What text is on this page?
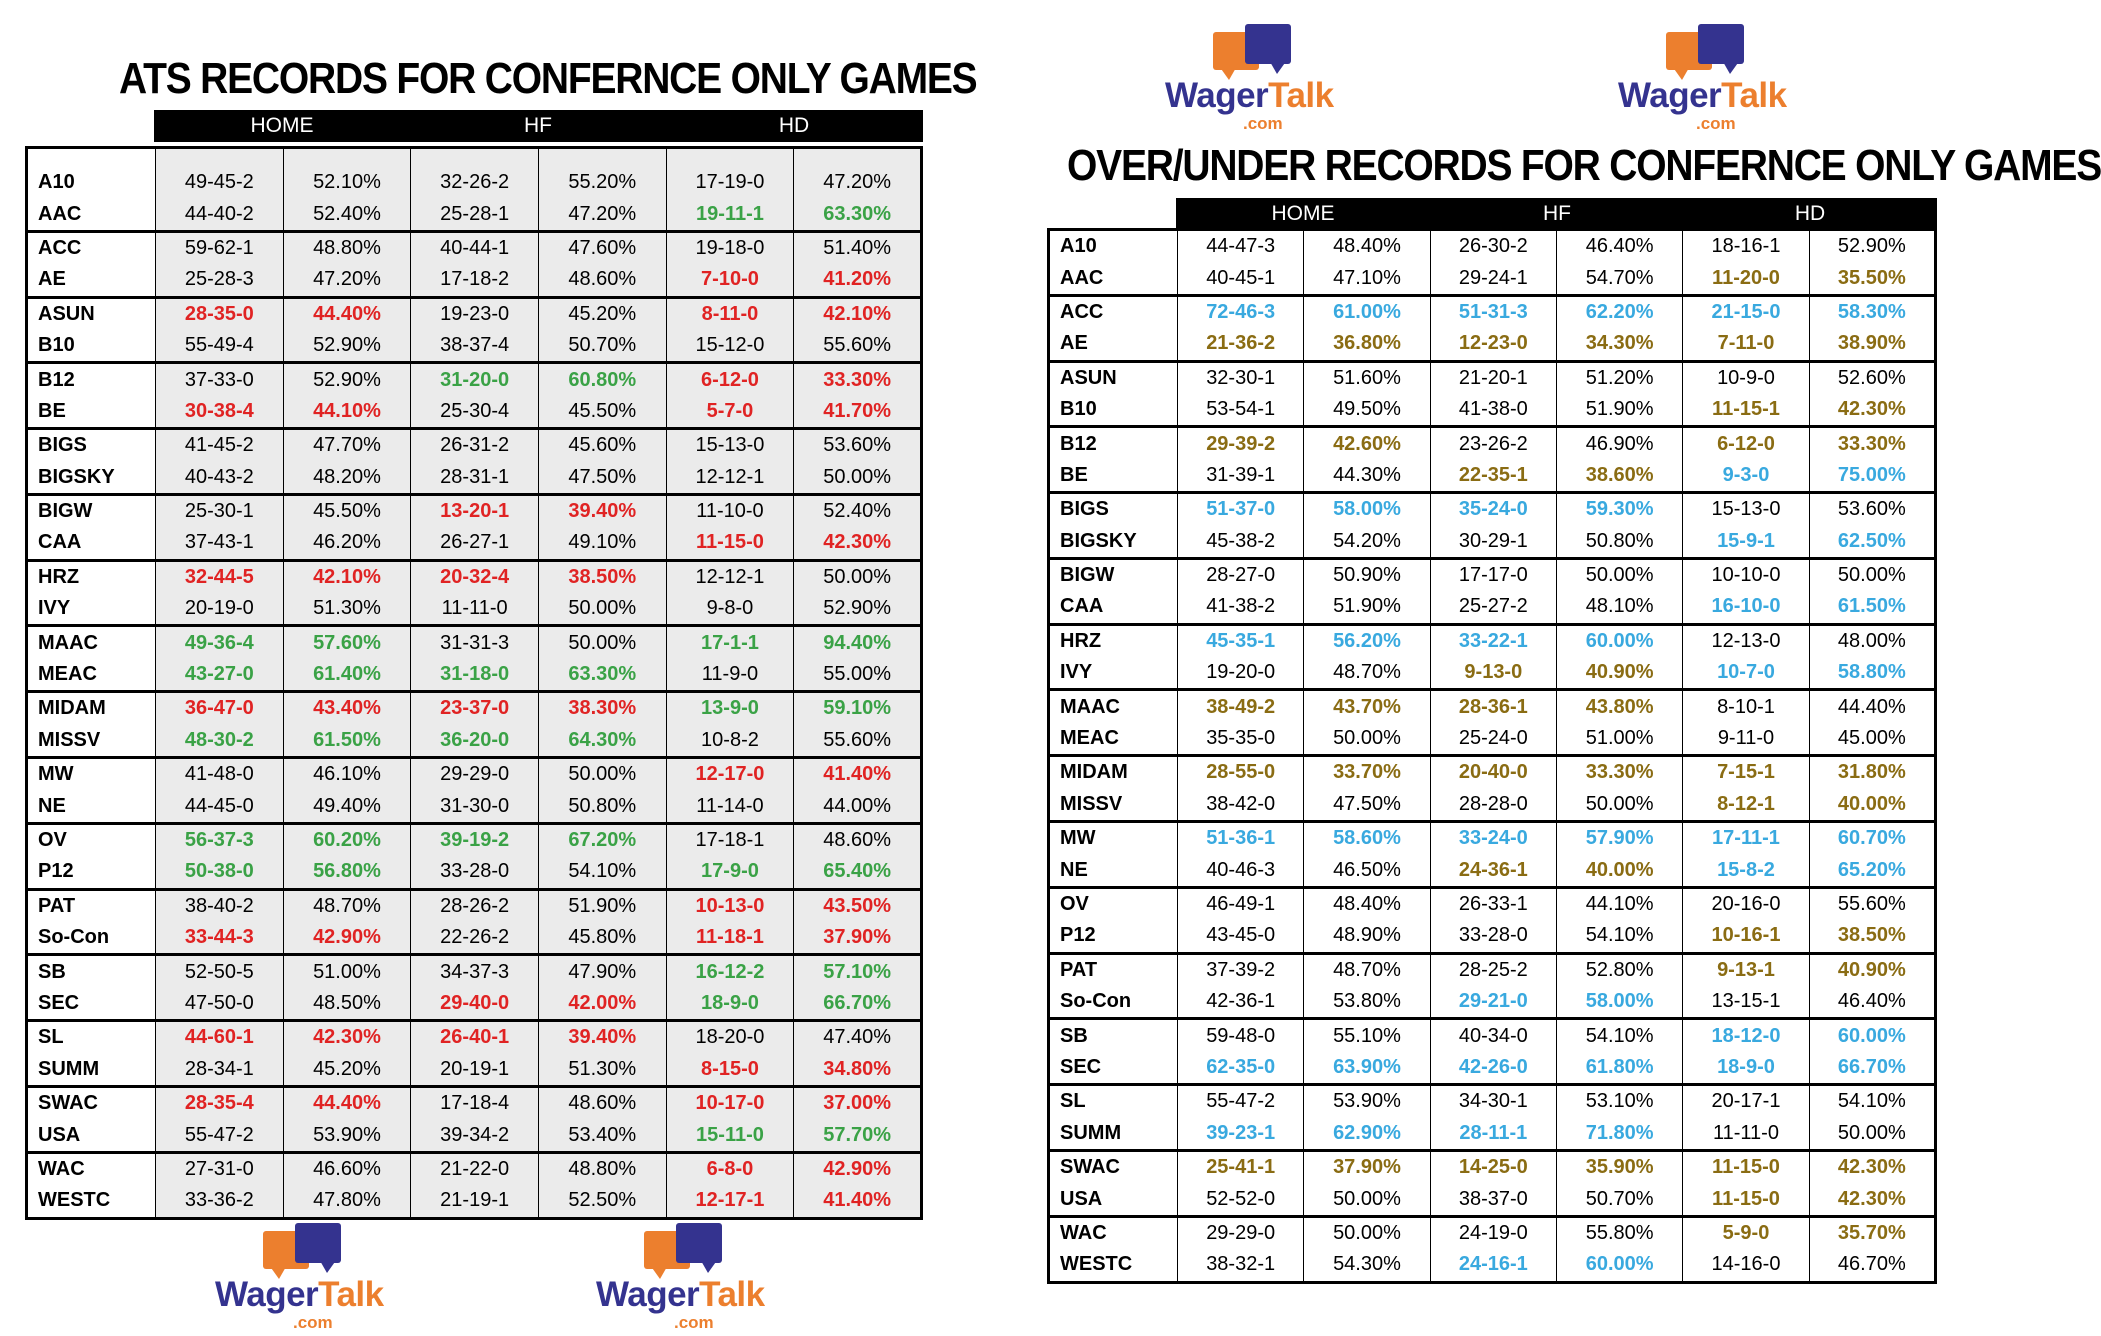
ATS RECORDS FOR CONFERNCE ONLY GAMES
HOME	HF	HD
A10	49-45-2	52.10%	32-26-2	55.20%	17-19-0	47.20%
AAC	44-40-2	52.40%	25-28-1	47.20%	19-11-1	63.30%
ACC	59-62-1	48.80%	40-44-1	47.60%	19-18-0	51.40%
AE	25-28-3	47.20%	17-18-2	48.60%	7-10-0	41.20%
ASUN	28-35-0	44.40%	19-23-0	45.20%	8-11-0	42.10%
B10	55-49-4	52.90%	38-37-4	50.70%	15-12-0	55.60%
B12	37-33-0	52.90%	31-20-0	60.80%	6-12-0	33.30%
BE	30-38-4	44.10%	25-30-4	45.50%	5-7-0	41.70%
BIGS	41-45-2	47.70%	26-31-2	45.60%	15-13-0	53.60%
BIGSKY	40-43-2	48.20%	28-31-1	47.50%	12-12-1	50.00%
BIGW	25-30-1	45.50%	13-20-1	39.40%	11-10-0	52.40%
CAA	37-43-1	46.20%	26-27-1	49.10%	11-15-0	42.30%
HRZ	32-44-5	42.10%	20-32-4	38.50%	12-12-1	50.00%
IVY	20-19-0	51.30%	11-11-0	50.00%	9-8-0	52.90%
MAAC	49-36-4	57.60%	31-31-3	50.00%	17-1-1	94.40%
MEAC	43-27-0	61.40%	31-18-0	63.30%	11-9-0	55.00%
MIDAM	36-47-0	43.40%	23-37-0	38.30%	13-9-0	59.10%
MISSV	48-30-2	61.50%	36-20-0	64.30%	10-8-2	55.60%
MW	41-48-0	46.10%	29-29-0	50.00%	12-17-0	41.40%
NE	44-45-0	49.40%	31-30-0	50.80%	11-14-0	44.00%
OV	56-37-3	60.20%	39-19-2	67.20%	17-18-1	48.60%
P12	50-38-0	56.80%	33-28-0	54.10%	17-9-0	65.40%
PAT	38-40-2	48.70%	28-26-2	51.90%	10-13-0	43.50%
So-Con	33-44-3	42.90%	22-26-2	45.80%	11-18-1	37.90%
SB	52-50-5	51.00%	34-37-3	47.90%	16-12-2	57.10%
SEC	47-50-0	48.50%	29-40-0	42.00%	18-9-0	66.70%
SL	44-60-1	42.30%	26-40-1	39.40%	18-20-0	47.40%
SUMM	28-34-1	45.20%	20-19-1	51.30%	8-15-0	34.80%
SWAC	28-35-4	44.40%	17-18-4	48.60%	10-17-0	37.00%
USA	55-47-2	53.90%	39-34-2	53.40%	15-11-0	57.70%
WAC	27-31-0	46.60%	21-22-0	48.80%	6-8-0	42.90%
WESTC	33-36-2	47.80%	21-19-1	52.50%	12-17-1	41.40%
OVER/UNDER RECORDS FOR CONFERNCE ONLY GAMES
HOME	HF	HD
A10	44-47-3	48.40%	26-30-2	46.40%	18-16-1	52.90%
AAC	40-45-1	47.10%	29-24-1	54.70%	11-20-0	35.50%
ACC	72-46-3	61.00%	51-31-3	62.20%	21-15-0	58.30%
AE	21-36-2	36.80%	12-23-0	34.30%	7-11-0	38.90%
ASUN	32-30-1	51.60%	21-20-1	51.20%	10-9-0	52.60%
B10	53-54-1	49.50%	41-38-0	51.90%	11-15-1	42.30%
B12	29-39-2	42.60%	23-26-2	46.90%	6-12-0	33.30%
BE	31-39-1	44.30%	22-35-1	38.60%	9-3-0	75.00%
BIGS	51-37-0	58.00%	35-24-0	59.30%	15-13-0	53.60%
BIGSKY	45-38-2	54.20%	30-29-1	50.80%	15-9-1	62.50%
BIGW	28-27-0	50.90%	17-17-0	50.00%	10-10-0	50.00%
CAA	41-38-2	51.90%	25-27-2	48.10%	16-10-0	61.50%
HRZ	45-35-1	56.20%	33-22-1	60.00%	12-13-0	48.00%
IVY	19-20-0	48.70%	9-13-0	40.90%	10-7-0	58.80%
MAAC	38-49-2	43.70%	28-36-1	43.80%	8-10-1	44.40%
MEAC	35-35-0	50.00%	25-24-0	51.00%	9-11-0	45.00%
MIDAM	28-55-0	33.70%	20-40-0	33.30%	7-15-1	31.80%
MISSV	38-42-0	47.50%	28-28-0	50.00%	8-12-1	40.00%
MW	51-36-1	58.60%	33-24-0	57.90%	17-11-1	60.70%
NE	40-46-3	46.50%	24-36-1	40.00%	15-8-2	65.20%
OV	46-49-1	48.40%	26-33-1	44.10%	20-16-0	55.60%
P12	43-45-0	48.90%	33-28-0	54.10%	10-16-1	38.50%
PAT	37-39-2	48.70%	28-25-2	52.80%	9-13-1	40.90%
So-Con	42-36-1	53.80%	29-21-0	58.00%	13-15-1	46.40%
SB	59-48-0	55.10%	40-34-0	54.10%	18-12-0	60.00%
SEC	62-35-0	63.90%	42-26-0	61.80%	18-9-0	66.70%
SL	55-47-2	53.90%	34-30-1	53.10%	20-17-1	54.10%
SUMM	39-23-1	62.90%	28-11-1	71.80%	11-11-0	50.00%
SWAC	25-41-1	37.90%	14-25-0	35.90%	11-15-0	42.30%
USA	52-52-0	50.00%	38-37-0	50.70%	11-15-0	42.30%
WAC	29-29-0	50.00%	24-19-0	55.80%	5-9-0	35.70%
WESTC	38-32-1	54.30%	24-16-1	60.00%	14-16-0	46.70%
WagerTalk
.com
WagerTalk
.com
WagerTalk
.com
WagerTalk
.com
